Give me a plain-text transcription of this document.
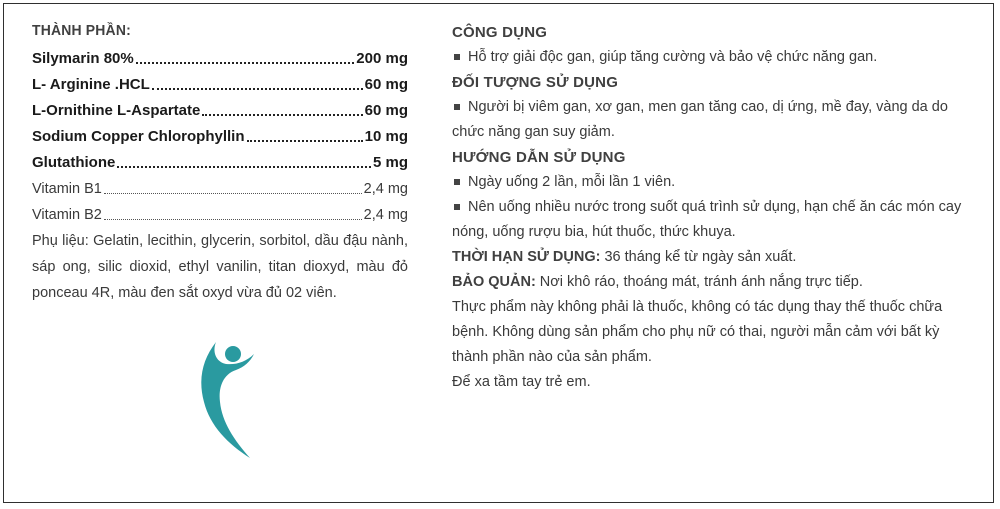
THÀNH PHẦN:
Silymarin 80%	200 mg
L- Arginine .HCL	60 mg
L-Ornithine L-Aspartate	60 mg
Sodium Copper Chlorophyllin	10 mg
Glutathione	5 mg
Vitamin B1	2,4 mg
Vitamin B2	2,4 mg
Phụ liệu: Gelatin, lecithin, glycerin, sorbitol, dầu đậu nành, sáp ong, silic dioxid, ethyl vanilin, titan dioxyd, màu đỏ ponceau 4R, màu đen sắt oxyd vừa đủ 02 viên.
CÔNG DỤNG
Hỗ trợ giải độc gan, giúp tăng cường và bảo vệ chức năng gan.
ĐỐI TƯỢNG SỬ DỤNG
Người bị viêm gan, xơ gan, men gan tăng cao, dị ứng, mề đay, vàng da do
chức năng gan suy giảm.
HƯỚNG DẪN SỬ DỤNG
Ngày uống 2 lần, mỗi lần 1 viên.
Nên uống nhiều nước trong suốt quá trình sử dụng, hạn chế ăn các món cay
nóng, uống rượu bia, hút thuốc, thức khuya.
THỜI HẠN SỬ DỤNG: 36 tháng kể từ ngày sản xuất.
BẢO QUẢN: Nơi khô ráo, thoáng mát, tránh ánh nắng trực tiếp.
Thực phẩm này không phải là thuốc, không có tác dụng thay thế thuốc chữa
bệnh. Không dùng sản phẩm cho phụ nữ có thai, người mẫn cảm với bất kỳ
thành phần nào của sản phẩm.
Để xa tầm tay trẻ em.
